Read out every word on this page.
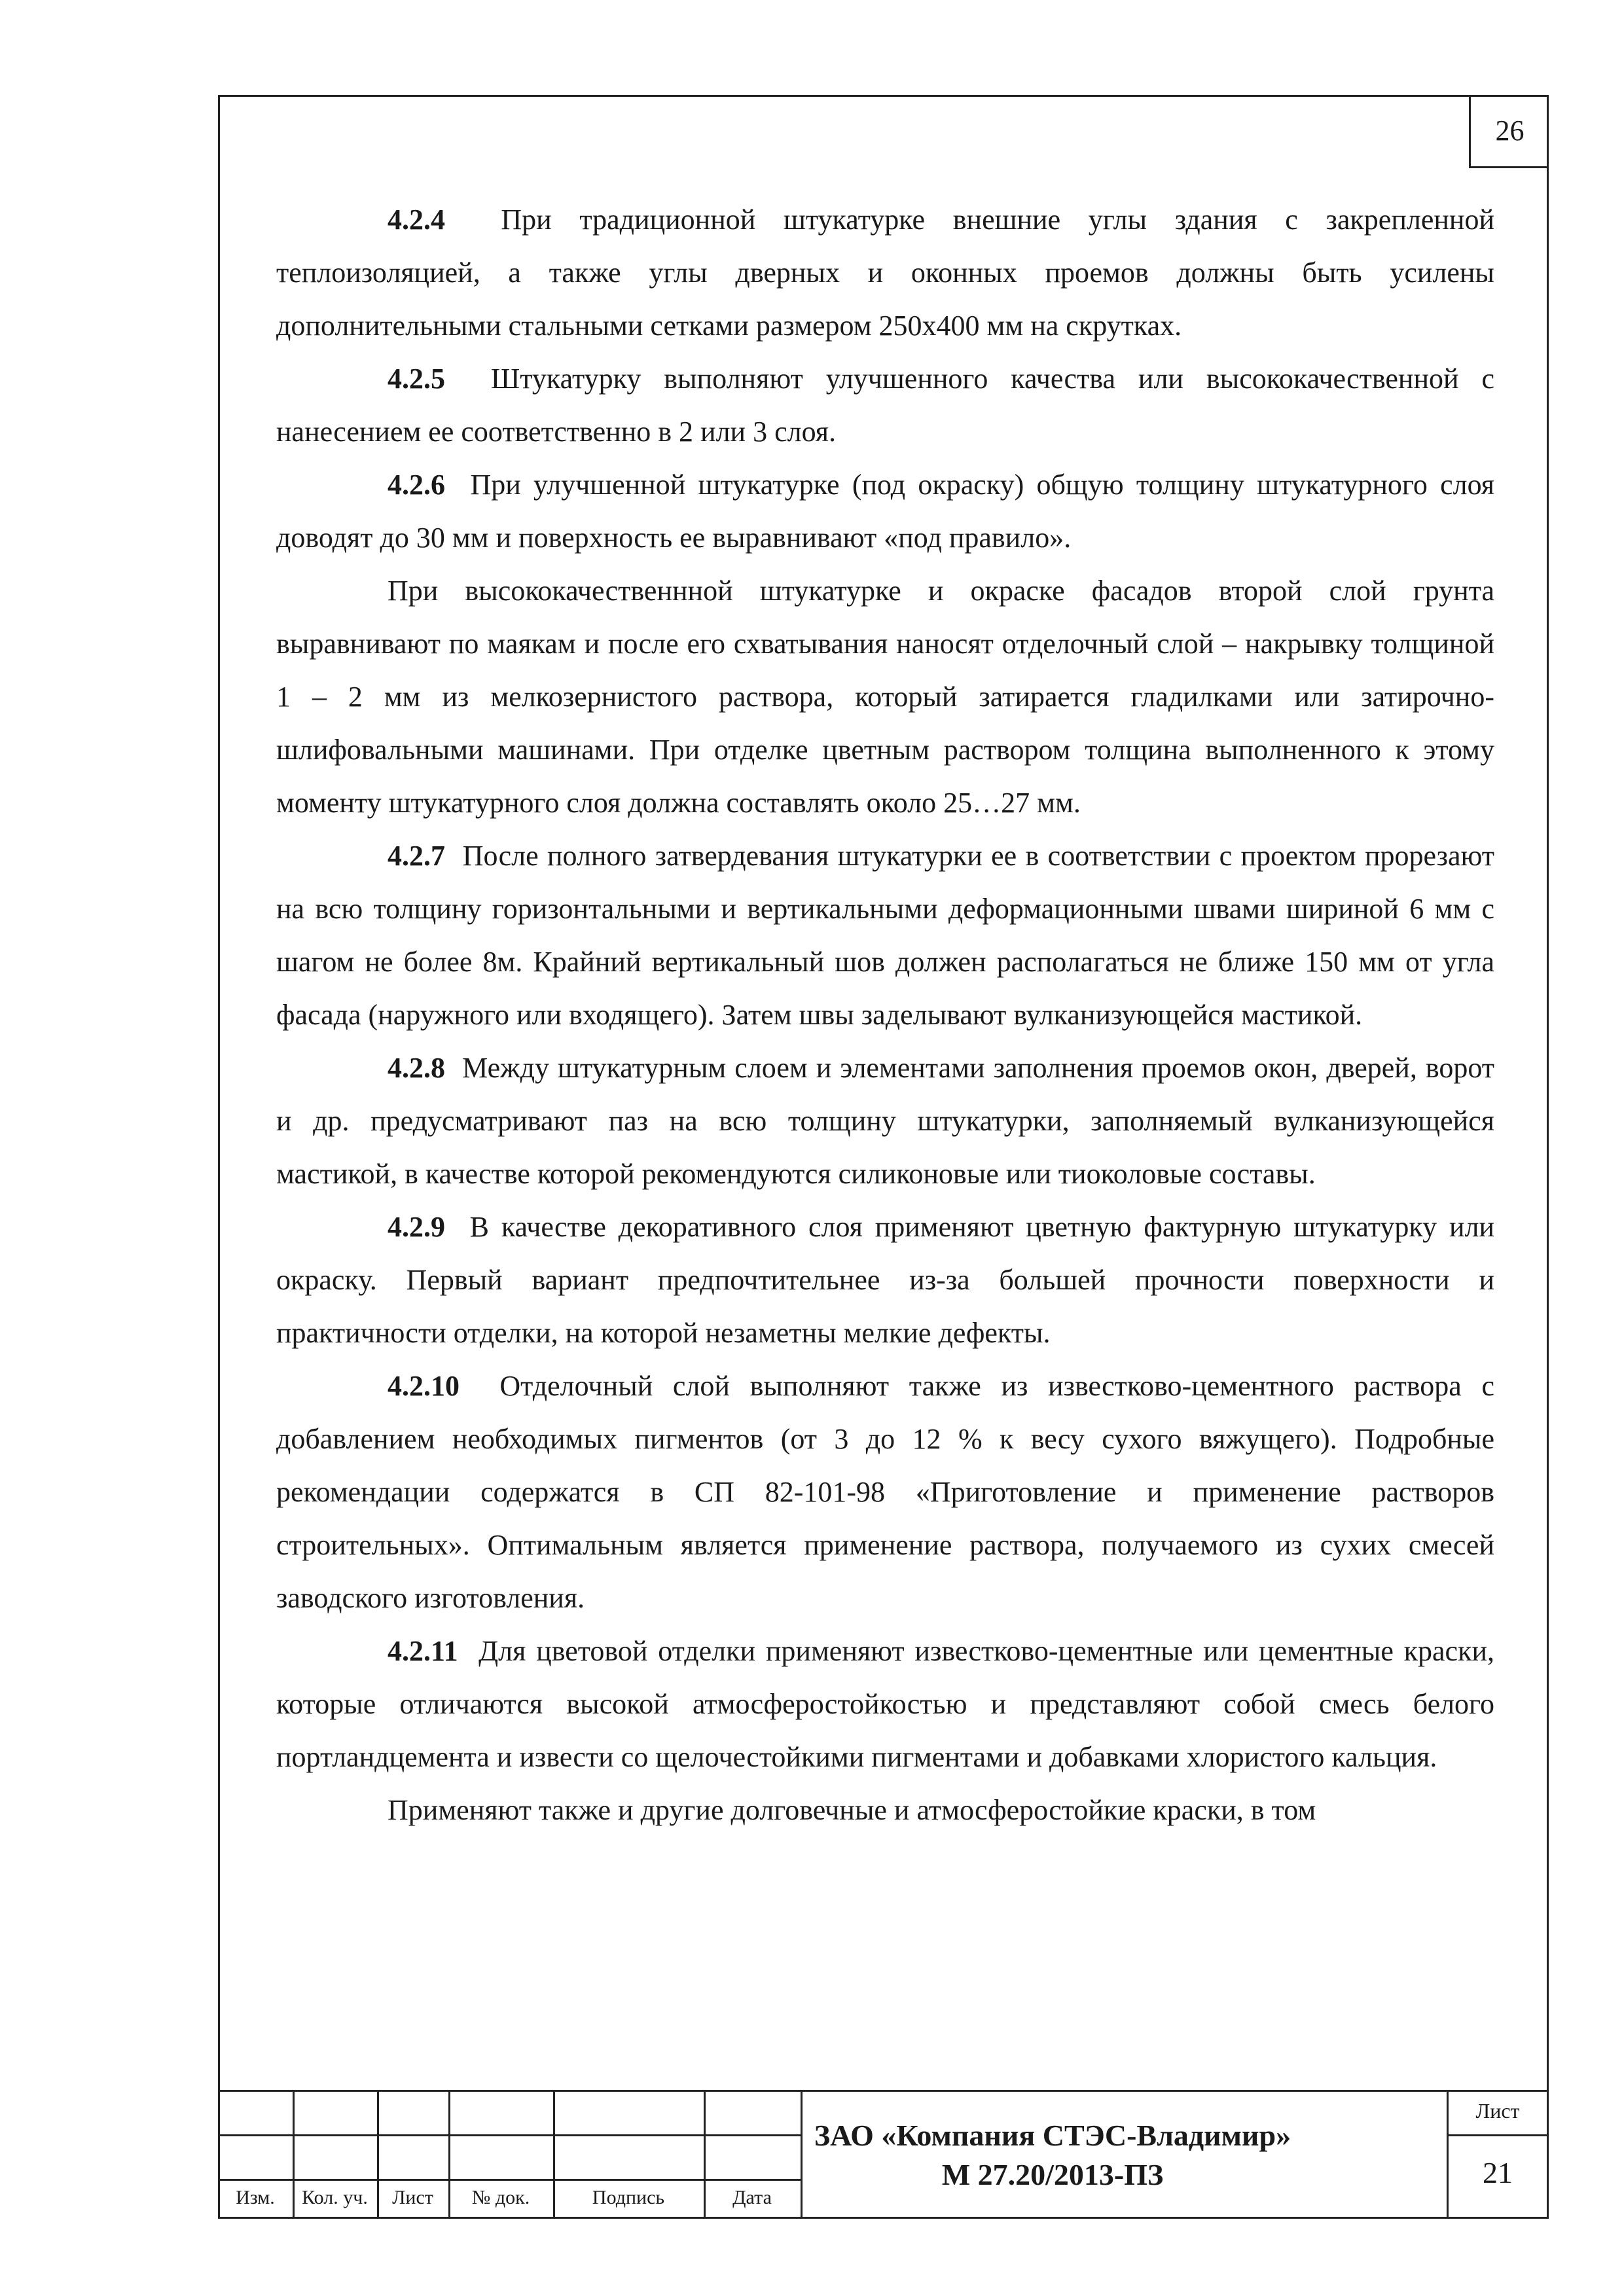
26

4.2.4 При традиционной штукатурке внешние углы здания с закрепленной теплоизоляцией, а также углы дверных и оконных проемов должны быть усилены дополнительными стальными сетками размером 250х400 мм на скрутках.

4.2.5 Штукатурку выполняют улучшенного качества или высококачественной с нанесением ее соответственно в 2 или 3 слоя.

4.2.6 При улучшенной штукатурке (под окраску) общую толщину штукатурного слоя доводят до 30 мм и поверхность ее выравнивают «под правило».

При высококачественнной штукатурке и окраске фасадов второй слой грунта выравнивают по маякам и после его схватывания наносят отделочный слой – накрывку толщиной 1 – 2 мм из мелкозернистого раствора, который затирается гладилками или затирочно-шлифовальными машинами. При отделке цветным раствором толщина выполненного к этому моменту штукатурного слоя должна составлять около 25…27 мм.

4.2.7 После полного затвердевания штукатурки ее в соответствии с проектом прорезают на всю толщину горизонтальными и вертикальными деформационными швами шириной 6 мм с шагом не более 8м. Крайний вертикальный шов должен располагаться не ближе 150 мм от угла фасада (наружного или входящего). Затем швы заделывают вулканизующейся мастикой.

4.2.8 Между штукатурным слоем и элементами заполнения проемов окон, дверей, ворот и др. предусматривают паз на всю толщину штукатурки, заполняемый вулканизующейся мастикой, в качестве которой рекомендуются силиконовые или тиоколовые составы.

4.2.9 В качестве декоративного слоя применяют цветную фактурную штукатурку или окраску. Первый вариант предпочтительнее из-за большей прочности поверхности и практичности отделки, на которой незаметны мелкие дефекты.

4.2.10 Отделочный слой выполняют также из известково-цементного раствора с добавлением необходимых пигментов (от 3 до 12 % к весу сухого вяжущего). Подробные рекомендации содержатся в СП 82-101-98 «Приготовление и применение растворов строительных». Оптимальным является применение раствора, получаемого из сухих смесей заводского изготовления.

4.2.11 Для цветовой отделки применяют известково-цементные или цементные краски, которые отличаются высокой атмосферостойкостью и представляют собой смесь белого портландцемента и извести со щелочестойкими пигментами и добавками хлористого кальция.

Применяют также и другие долговечные и атмосферостойкие краски, в том

Изм.	Кол. уч.	Лист	№ док.	Подпись	Дата
ЗАО «Компания СТЭС-Владимир»
М 27.20/2013-ПЗ
Лист
21
